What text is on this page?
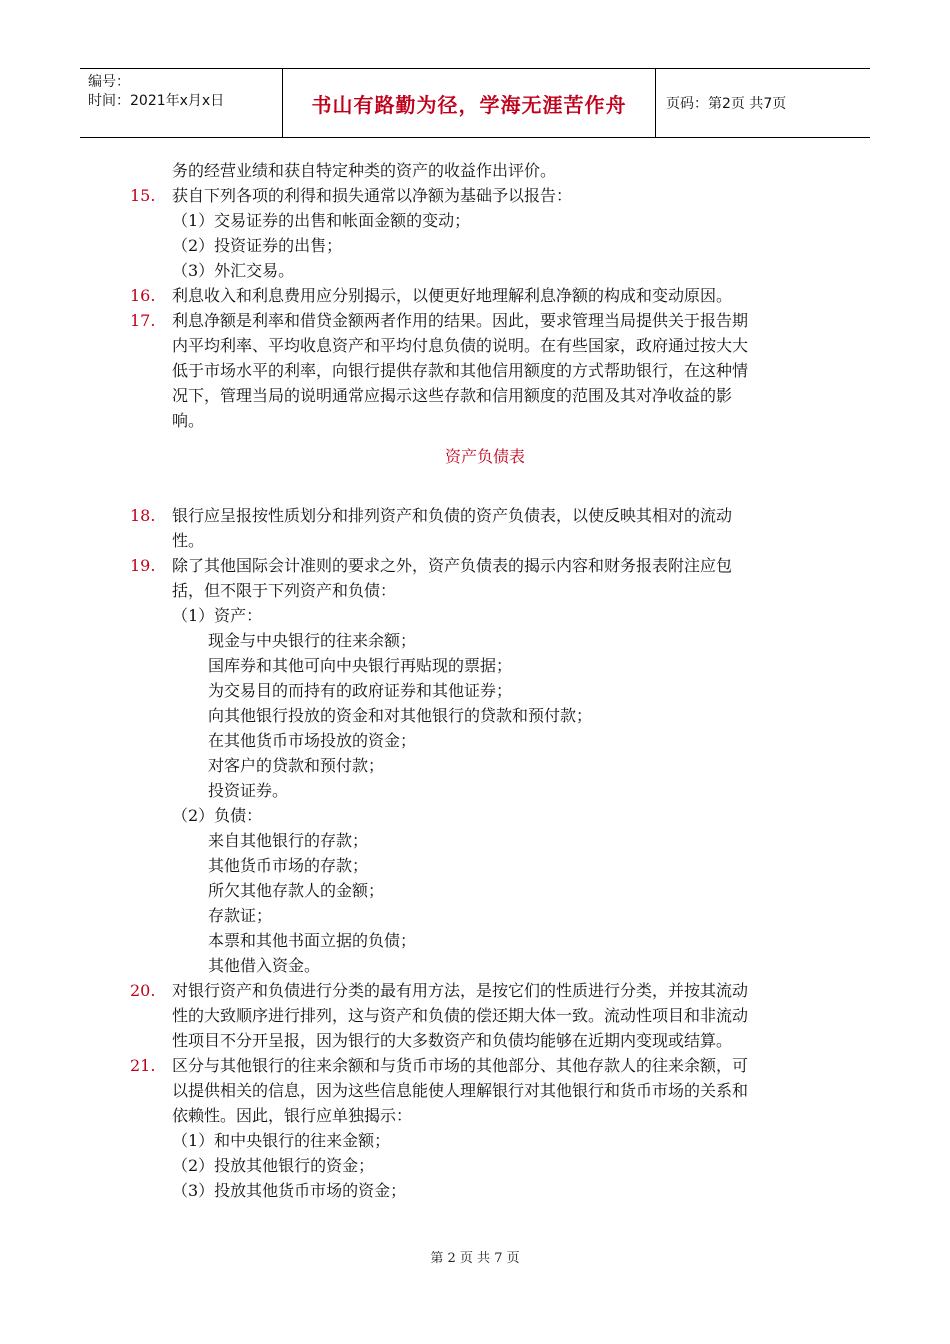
编号：
时间：2021年x月x日	书山有路勤为径，学海无涯苦作舟	页码：第2页 共7页
务的经营业绩和获自特定种类的资产的收益作出评价。
15. 获自下列各项的利得和损失通常以净额为基础予以报告：
（1）交易证券的出售和帐面金额的变动；
（2）投资证券的出售；
（3）外汇交易。
16. 利息收入和利息费用应分别揭示，以便更好地理解利息净额的构成和变动原因。
17. 利息净额是利率和借贷金额两者作用的结果。因此，要求管理当局提供关于报告期
内平均利率、平均收息资产和平均付息负债的说明。在有些国家，政府通过按大大
低于市场水平的利率，向银行提供存款和其他信用额度的方式帮助银行，在这种情
况下，管理当局的说明通常应揭示这些存款和信用额度的范围及其对净收益的影
响。
资产负债表
18. 银行应呈报按性质划分和排列资产和负债的资产负债表，以使反映其相对的流动
性。
19. 除了其他国际会计准则的要求之外，资产负债表的揭示内容和财务报表附注应包
括，但不限于下列资产和负债：
（1）资产：
现金与中央银行的往来余额；
国库券和其他可向中央银行再贴现的票据；
为交易目的而持有的政府证券和其他证券；
向其他银行投放的资金和对其他银行的贷款和预付款；
在其他货币市场投放的资金；
对客户的贷款和预付款；
投资证券。
（2）负债：
来自其他银行的存款；
其他货币市场的存款；
所欠其他存款人的金额；
存款证；
本票和其他书面立据的负债；
其他借入资金。
20. 对银行资产和负债进行分类的最有用方法，是按它们的性质进行分类，并按其流动
性的大致顺序进行排列，这与资产和负债的偿还期大体一致。流动性项目和非流动
性项目不分开呈报，因为银行的大多数资产和负债均能够在近期内变现或结算。
21. 区分与其他银行的往来余额和与货币市场的其他部分、其他存款人的往来余额，可
以提供相关的信息，因为这些信息能使人理解银行对其他银行和货币市场的关系和
依赖性。因此，银行应单独揭示：
（1）和中央银行的往来金额；
（2）投放其他银行的资金；
（3）投放其他货币市场的资金；
第 2 页 共 7 页
